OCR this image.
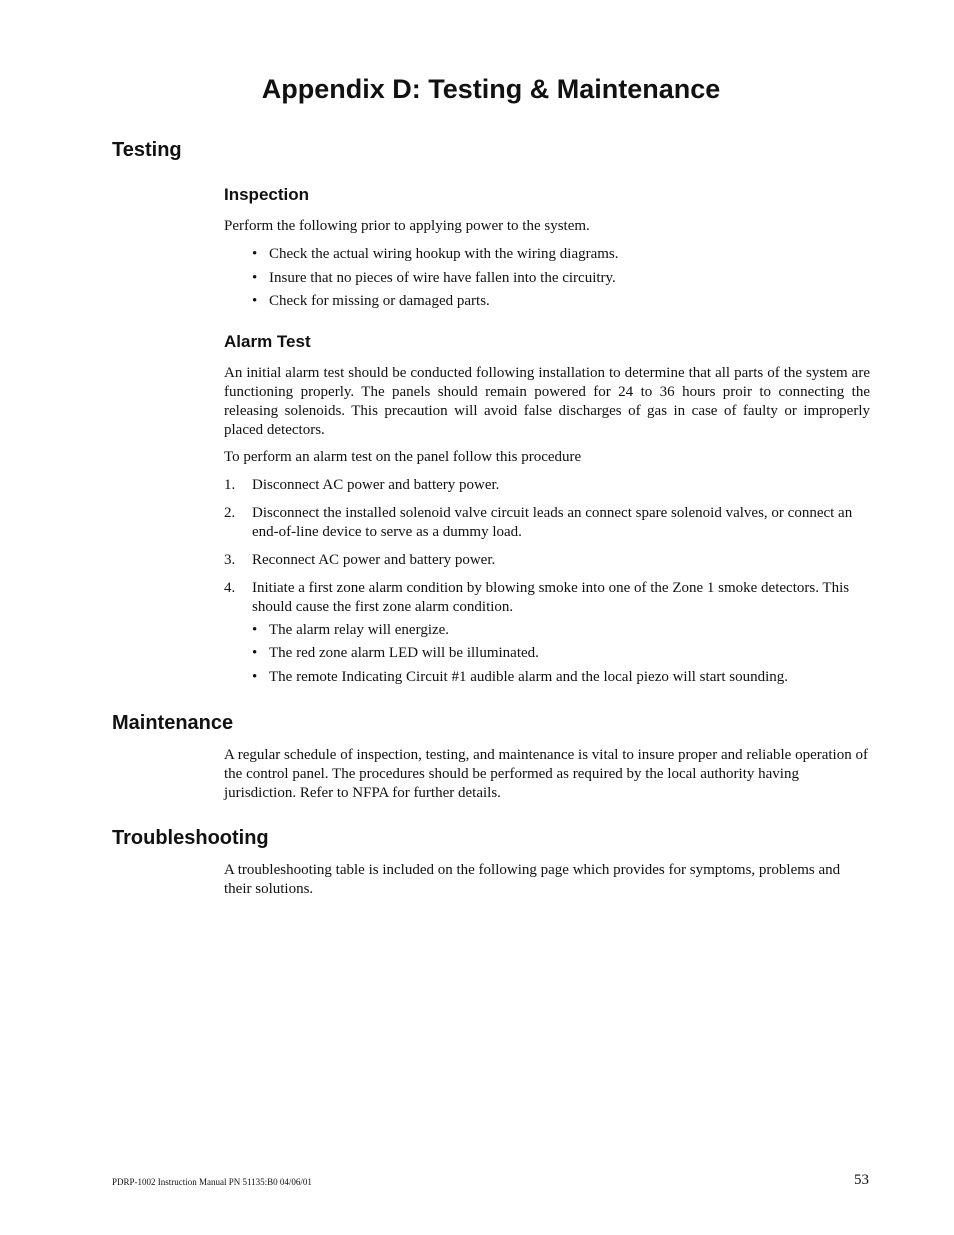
Appendix D: Testing & Maintenance
Testing
Inspection

Perform the following prior to applying power to the system.

• Check the actual wiring hookup with the wiring diagrams.
• Insure that no pieces of wire have fallen into the circuitry.
• Check for missing or damaged parts.
Alarm Test

An initial alarm test should be conducted following installation to determine that all parts of the system are functioning properly. The panels should remain powered for 24 to 36 hours proir to connecting the releasing solenoids. This precaution will avoid false discharges of gas in case of faulty or improperly placed detectors.

To perform an alarm test on the panel follow this procedure

1. Disconnect AC power and battery power.
2. Disconnect the installed solenoid valve circuit leads an connect spare solenoid valves, or connect an end-of-line device to serve as a dummy load.
3. Reconnect AC power and battery power.
4. Initiate a first zone alarm condition by blowing smoke into one of the Zone 1 smoke detectors. This should cause the first zone alarm condition.
• The alarm relay will energize.
• The red zone alarm LED will be illuminated.
• The remote Indicating Circuit #1 audible alarm and the local piezo will start sounding.
Maintenance

A regular schedule of inspection, testing, and maintenance is vital to insure proper and reliable operation of the control panel. The procedures should be performed as required by the local authority having jurisdiction. Refer to NFPA for further details.

Troubleshooting

A troubleshooting table is included on the following page which provides for symptoms, problems and their solutions.

PDRP-1002 Instruction Manual PN 51135:B0 04/06/01	53
